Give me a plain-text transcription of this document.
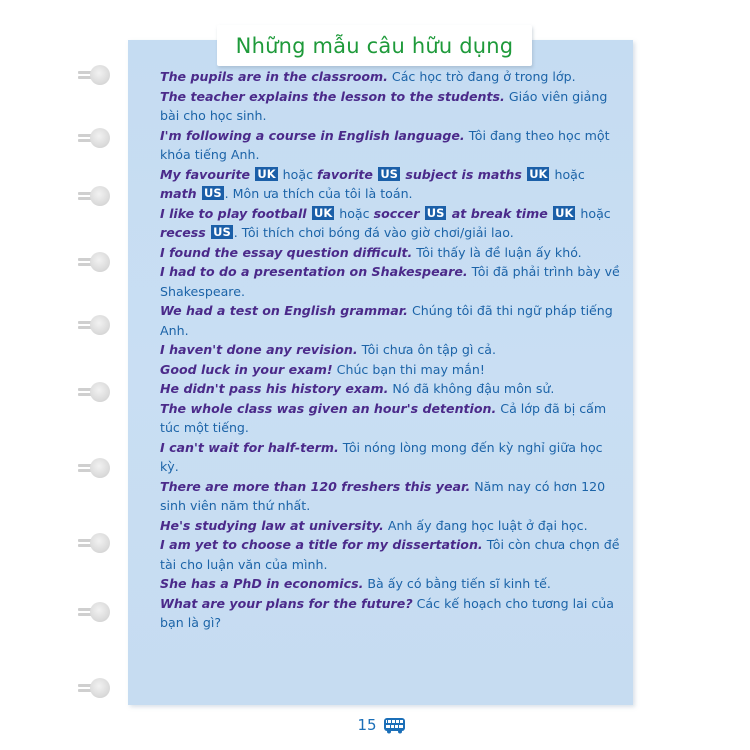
Những mẫu câu hữu dụng

The pupils are in the classroom. Các học trò đang ở trong lớp.

The teacher explains the lesson to the students. Giáo viên giảng bài cho học sinh.

I'm following a course in English language. Tôi đang theo học một khóa tiếng Anh.

My favourite UK hoặc favorite US subject is maths UK hoặc math US . Môn ưa thích của tôi là toán.

I like to play football UK hoặc soccer US at break time UK hoặc recess US . Tôi thích chơi bóng đá vào giờ chơi/giải lao.

I found the essay question difficult. Tôi thấy là đề luận ấy khó.

I had to do a presentation on Shakespeare. Tôi đã phải trình bày về Shakespeare.

We had a test on English grammar. Chúng tôi đã thi ngữ pháp tiếng Anh.

I haven't done any revision. Tôi chưa ôn tập gì cả.

Good luck in your exam! Chúc bạn thi may mắn!

He didn't pass his history exam. Nó đã không đậu môn sử.

The whole class was given an hour's detention. Cả lớp đã bị cấm túc một tiếng.

I can't wait for half-term. Tôi nóng lòng mong đến kỳ nghỉ giữa học kỳ.

There are more than 120 freshers this year. Năm nay có hơn 120 sinh viên năm thứ nhất.

He's studying law at university. Anh ấy đang học luật ở đại học.

I am yet to choose a title for my dissertation. Tôi còn chưa chọn đề tài cho luận văn của mình.

She has a PhD in economics. Bà ấy có bằng tiến sĩ kinh tế.

What are your plans for the future? Các kế hoạch cho tương lai của bạn là gì?

15
